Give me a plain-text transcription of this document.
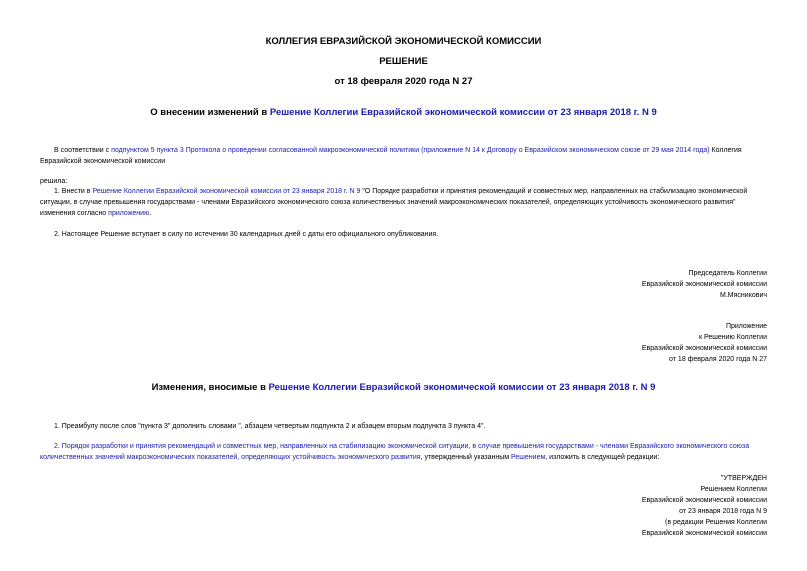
КОЛЛЕГИЯ ЕВРАЗИЙСКОЙ ЭКОНОМИЧЕСКОЙ КОМИССИИ
РЕШЕНИЕ
от 18 февраля 2020 года N 27
О внесении изменений в Решение Коллегии Евразийской экономической комиссии от 23 января 2018 г. N 9
В соответствии с подпунктом 5 пункта 3 Протокола о проведении согласованной макроэкономической политики (приложение N 14 к Договору о Евразийском экономическом союзе от 29 мая 2014 года) Коллегия Евразийской экономической комиссии
решила:
1. Внести в Решение Коллегии Евразийской экономической комиссии от 23 января 2018 г. N 9 "О Порядке разработки и принятия рекомендаций и совместных мер, направленных на стабилизацию экономической ситуации, в случае превышения государствами - членами Евразийского экономического союза количественных значений макроэкономических показателей, определяющих устойчивость экономического развития" изменения согласно приложению.
2. Настоящее Решение вступает в силу по истечении 30 календарных дней с даты его официального опубликования.
Председатель Коллегии
Евразийской экономической комиссии
М.Мясникович
Приложение
к Решению Коллегии
Евразийской экономической комиссии
от 18 февраля 2020 года N 27
Изменения, вносимые в Решение Коллегии Евразийской экономической комиссии от 23 января 2018 г. N 9
1. Преамбулу после слов "пункта 3" дополнить словами ", абзацем четвертым подпункта 2 и абзацем вторым подпункта 3 пункта 4".
2. Порядок разработки и принятия рекомендаций и совместных мер, направленных на стабилизацию экономической ситуации, в случае превышения государствами - членами Евразийского экономического союза количественных значений макроэкономических показателей, определяющих устойчивость экономического развития, утвержденный указанным Решением, изложить в следующей редакции:
"УТВЕРЖДЕН
Решением Коллегии
Евразийской экономической комиссии
от 23 января 2018 года N 9
(в редакции Решения Коллегии
Евразийской экономической комиссии
